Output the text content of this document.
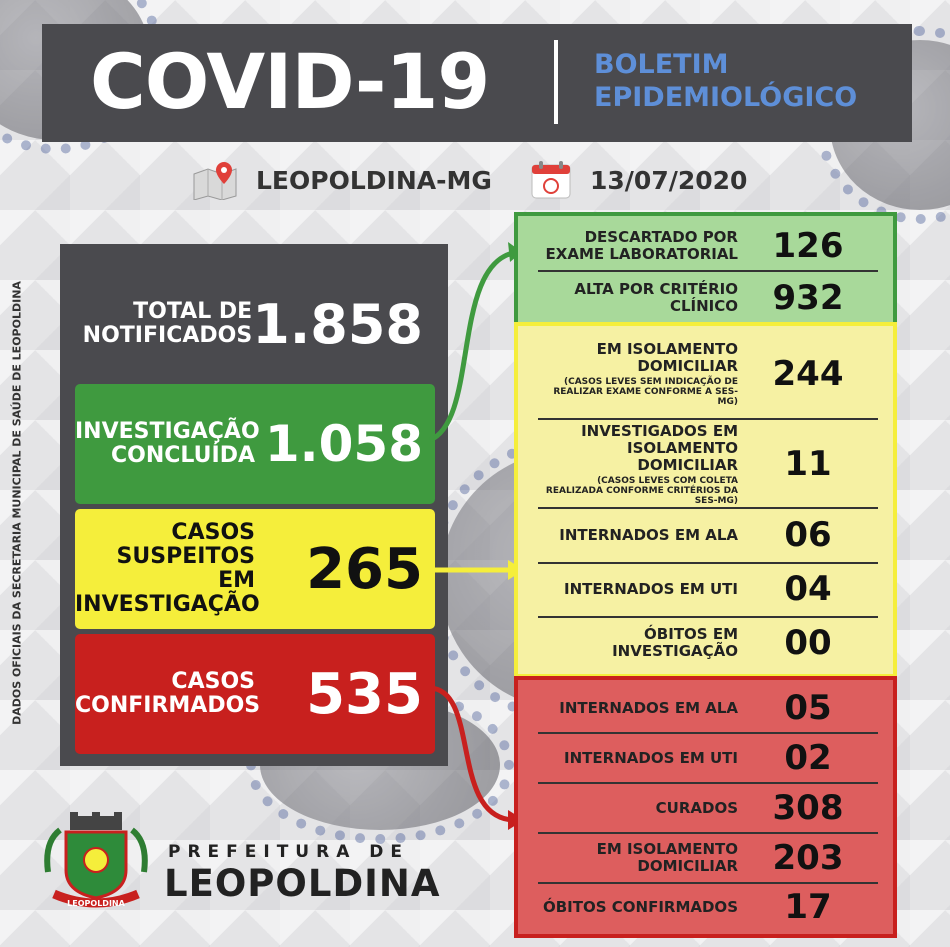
COVID-19	BOLETIM
EPIDEMIOLÓGICO
LEOPOLDINA-MG	13/07/2020
DADOS OFICIAIS DA SECRETARIA MUNICIPAL DE SAÚDE DE LEOPOLDINA	TOTAL DE
NOTIFICADOS 1.858
INVESTIGAÇÃO
CONCLUÍDA 1.058
CASOS
SUSPEITOS EM
INVESTIGAÇÃO
265
CASOS
CONFIRMADOS 535
DESCARTADO POR
EXAME LABORATORIAL	126
ALTA POR CRITÉRIO
CLÍNICO	932
EM ISOLAMENTO
DOMICILIAR
(CASOS LEVES SEM INDICAÇÃO DE REALIZAR EXAME CONFORME A SES-MG)
244
INVESTIGADOS EM
ISOLAMENTO DOMICILIAR
(CASOS LEVES COM COLETA REALIZADA CONFORME CRITÉRIOS DA SES-MG)
11
INTERNADOS EM ALA	06
INTERNADOS EM UTI	04
ÓBITOS EM
INVESTIGAÇÃO	00
INTERNADOS EM ALA	05
INTERNADOS EM UTI	02
CURADOS	308
EM ISOLAMENTO
DOMICILIAR	203
ÓBITOS CONFIRMADOS	17
LEOPOLDINA
PREFEITURA DE
LEOPOLDINA
